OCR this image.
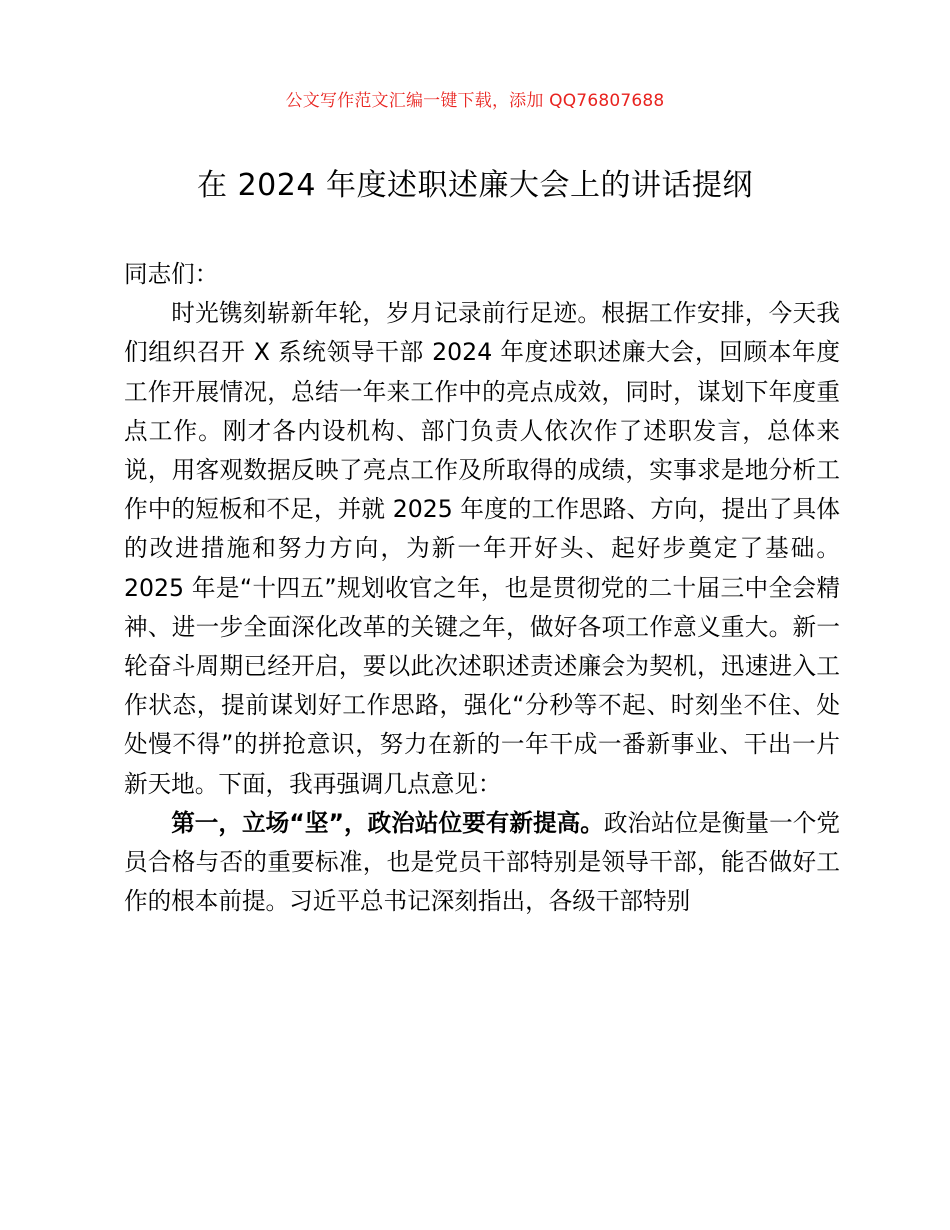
公文写作范文汇编一键下载，添加 QQ76807688
在 2024 年度述职述廉大会上的讲话提纲

同志们：

时光镌刻崭新年轮，岁月记录前行足迹。根据工作安排，今天我们组织召开 X 系统领导干部 2024 年度述职述廉大会，回顾本年度工作开展情况，总结一年来工作中的亮点成效，同时，谋划下年度重点工作。刚才各内设机构、部门负责人依次作了述职发言，总体来说，用客观数据反映了亮点工作及所取得的成绩，实事求是地分析工作中的短板和不足，并就 2025 年度的工作思路、方向，提出了具体的改进措施和努力方向，为新一年开好头、起好步奠定了基础。2025 年是“十四五”规划收官之年，也是贯彻党的二十届三中全会精神、进一步全面深化改革的关键之年，做好各项工作意义重大。新一轮奋斗周期已经开启，要以此次述职述责述廉会为契机，迅速进入工作状态，提前谋划好工作思路，强化“分秒等不起、时刻坐不住、处处慢不得”的拼抢意识，努力在新的一年干成一番新事业、干出一片新天地。下面，我再强调几点意见：

第一，立场“坚”，政治站位要有新提高。政治站位是衡量一个党员合格与否的重要标准，也是党员干部特别是领导干部，能否做好工作的根本前提。习近平总书记深刻指出，各级干部特别
